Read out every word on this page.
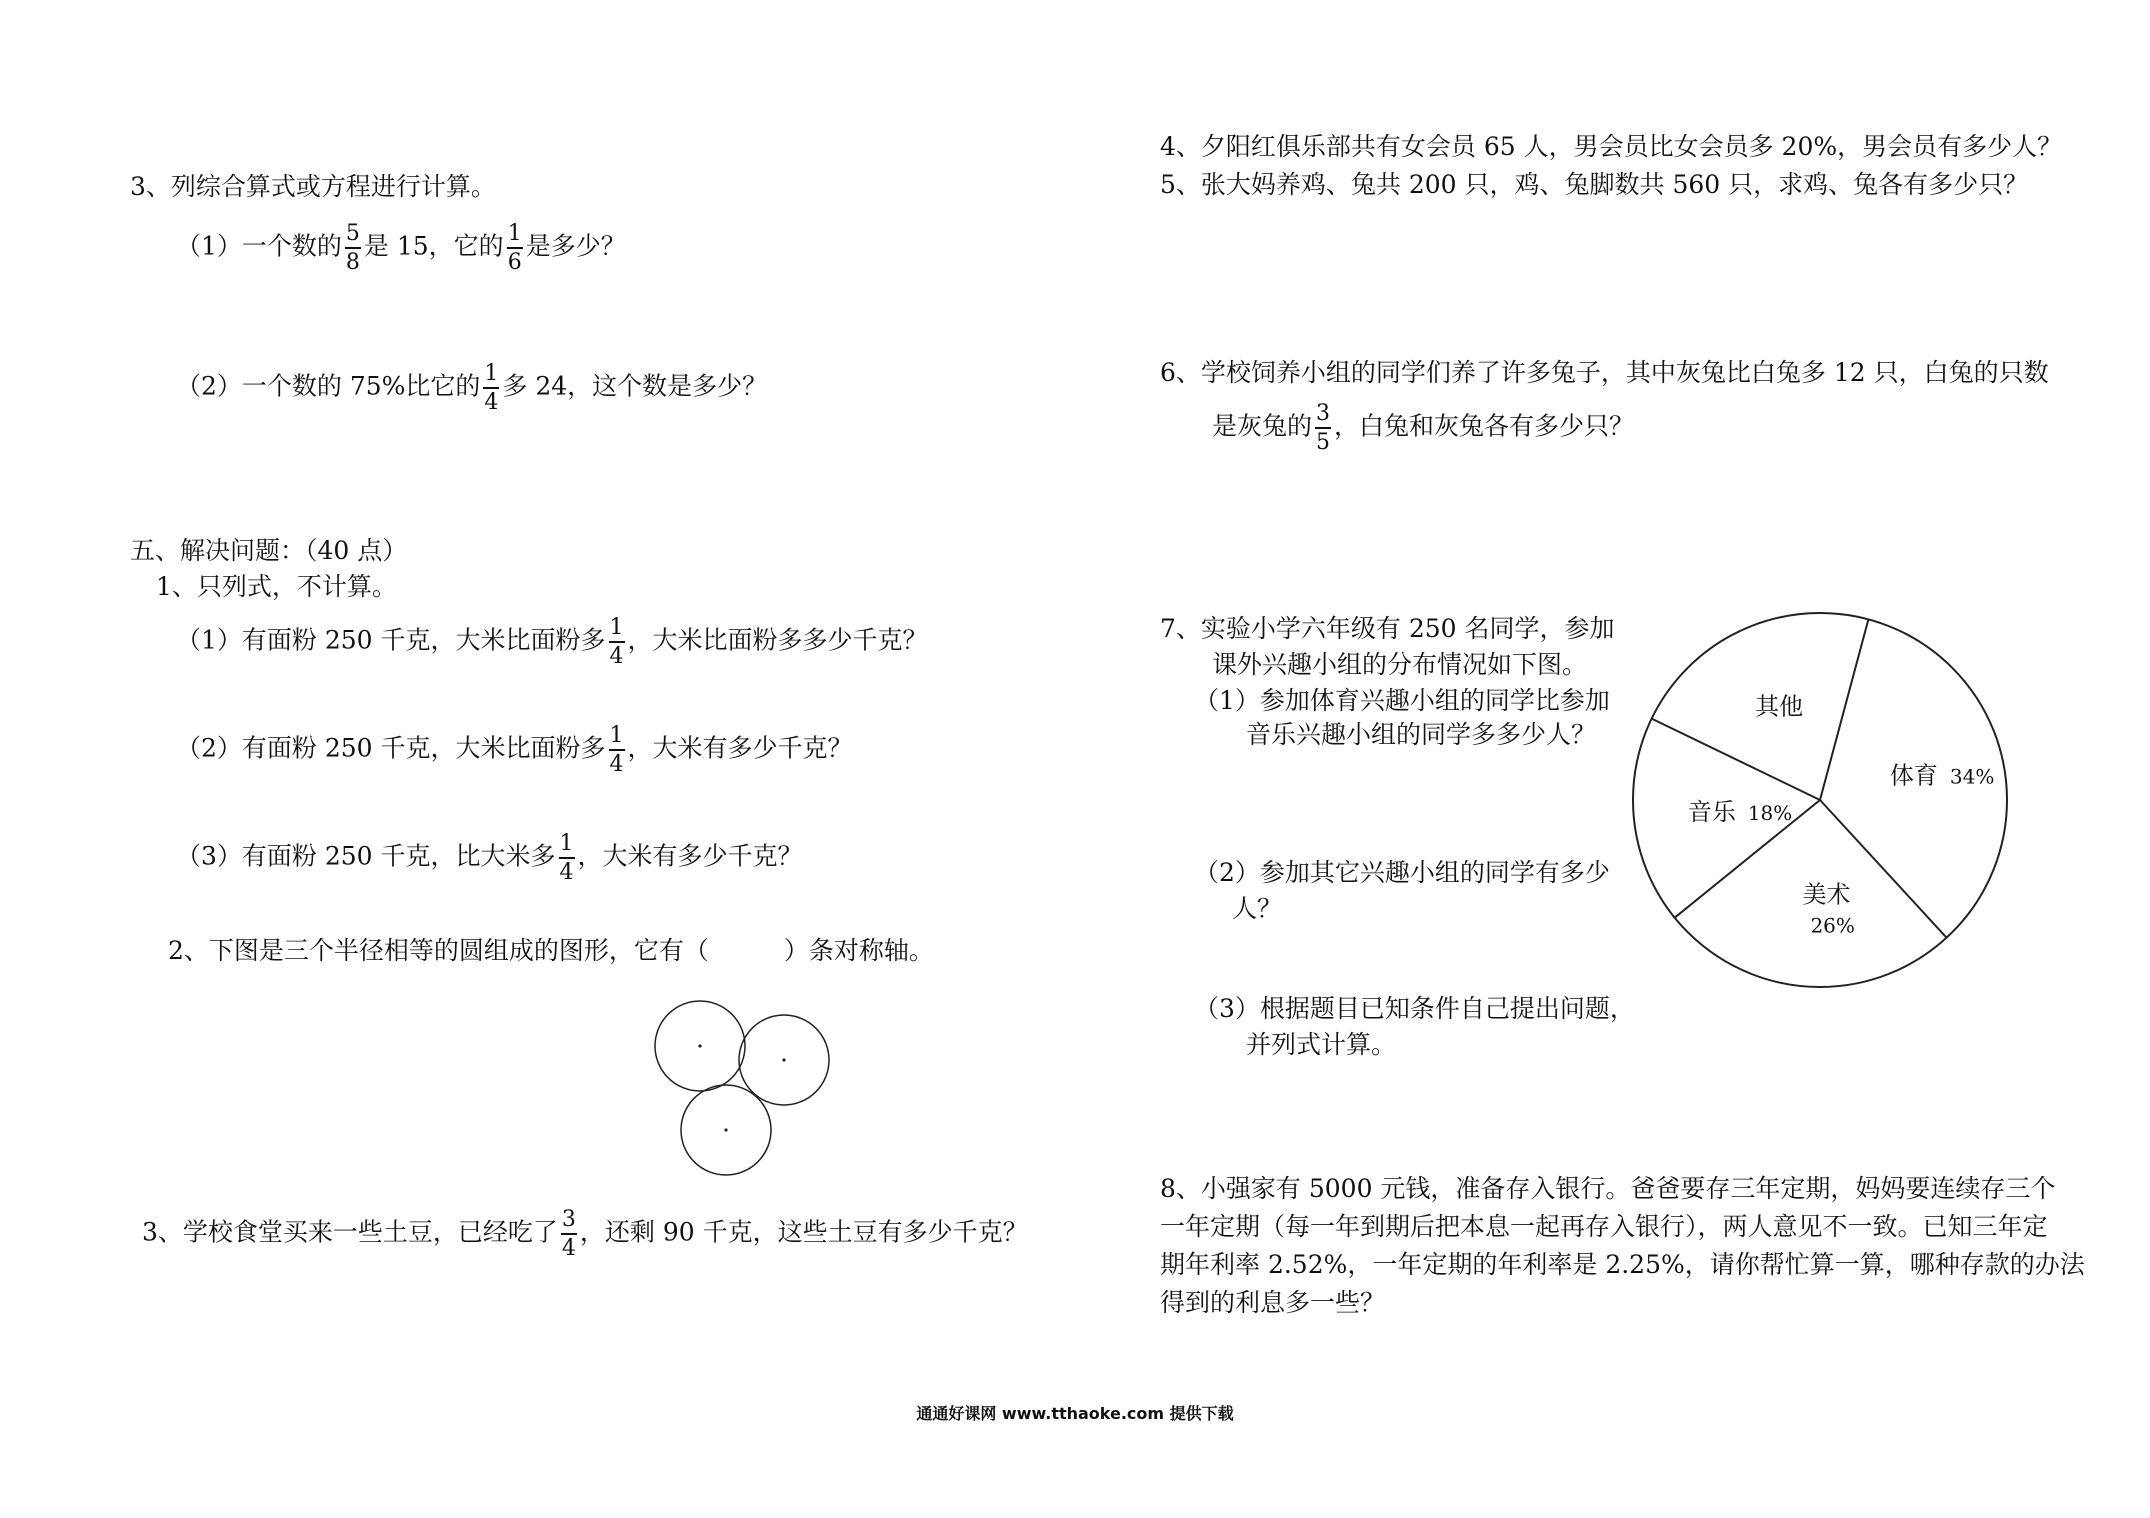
3、列综合算式或方程进行计算。
（1）一个数的 $\frac{5}{8}$ 是 15，它的 $\frac{1}{6}$ 是多少？
（2）一个数的 75%比它的 $\frac{1}{4}$ 多 24，这个数是多少？
五、解决问题：（40 点）
1、只列式，不计算。
（1）有面粉 250 千克，大米比面粉多 $\frac{1}{4}$ ，大米比面粉多多少千克？
（2）有面粉 250 千克，大米比面粉多 $\frac{1}{4}$ ，大米有多少千克？
（3）有面粉 250 千克，比大米多 $\frac{1}{4}$ ，大米有多少千克？
2、下图是三个半径相等的圆组成的图形，它有（　　　）条对称轴。
3、学校食堂买来一些土豆，已经吃了 $\frac{3}{4}$ ，还剩 90 千克，这些土豆有多少千克？
4、夕阳红俱乐部共有女会员 65 人，男会员比女会员多 20%，男会员有多少人？
5、张大妈养鸡、兔共 200 只，鸡、兔脚数共 560 只，求鸡、兔各有多少只？
6、学校饲养小组的同学们养了许多兔子，其中灰兔比白兔多 12 只，白兔的只数
是灰兔的 $\frac{3}{5}$ ，白兔和灰兔各有多少只？
7、实验小学六年级有 250 名同学，参加
课外兴趣小组的分布情况如下图。
（1）参加体育兴趣小组的同学比参加
音乐兴趣小组的同学多多少人？
（2）参加其它兴趣小组的同学有多少
人？
（3）根据题目已知条件自己提出问题，
并列式计算。
体育 34%
美术
26%
音乐 18%
其他
8、小强家有 5000 元钱，准备存入银行。爸爸要存三年定期，妈妈要连续存三个
一年定期（每一年到期后把本息一起再存入银行），两人意见不一致。已知三年定
期年利率 2.52%，一年定期的年利率是 2.25%，请你帮忙算一算，哪种存款的办法
得到的利息多一些？
通通好课网 www.tthaoke.com 提供下载
